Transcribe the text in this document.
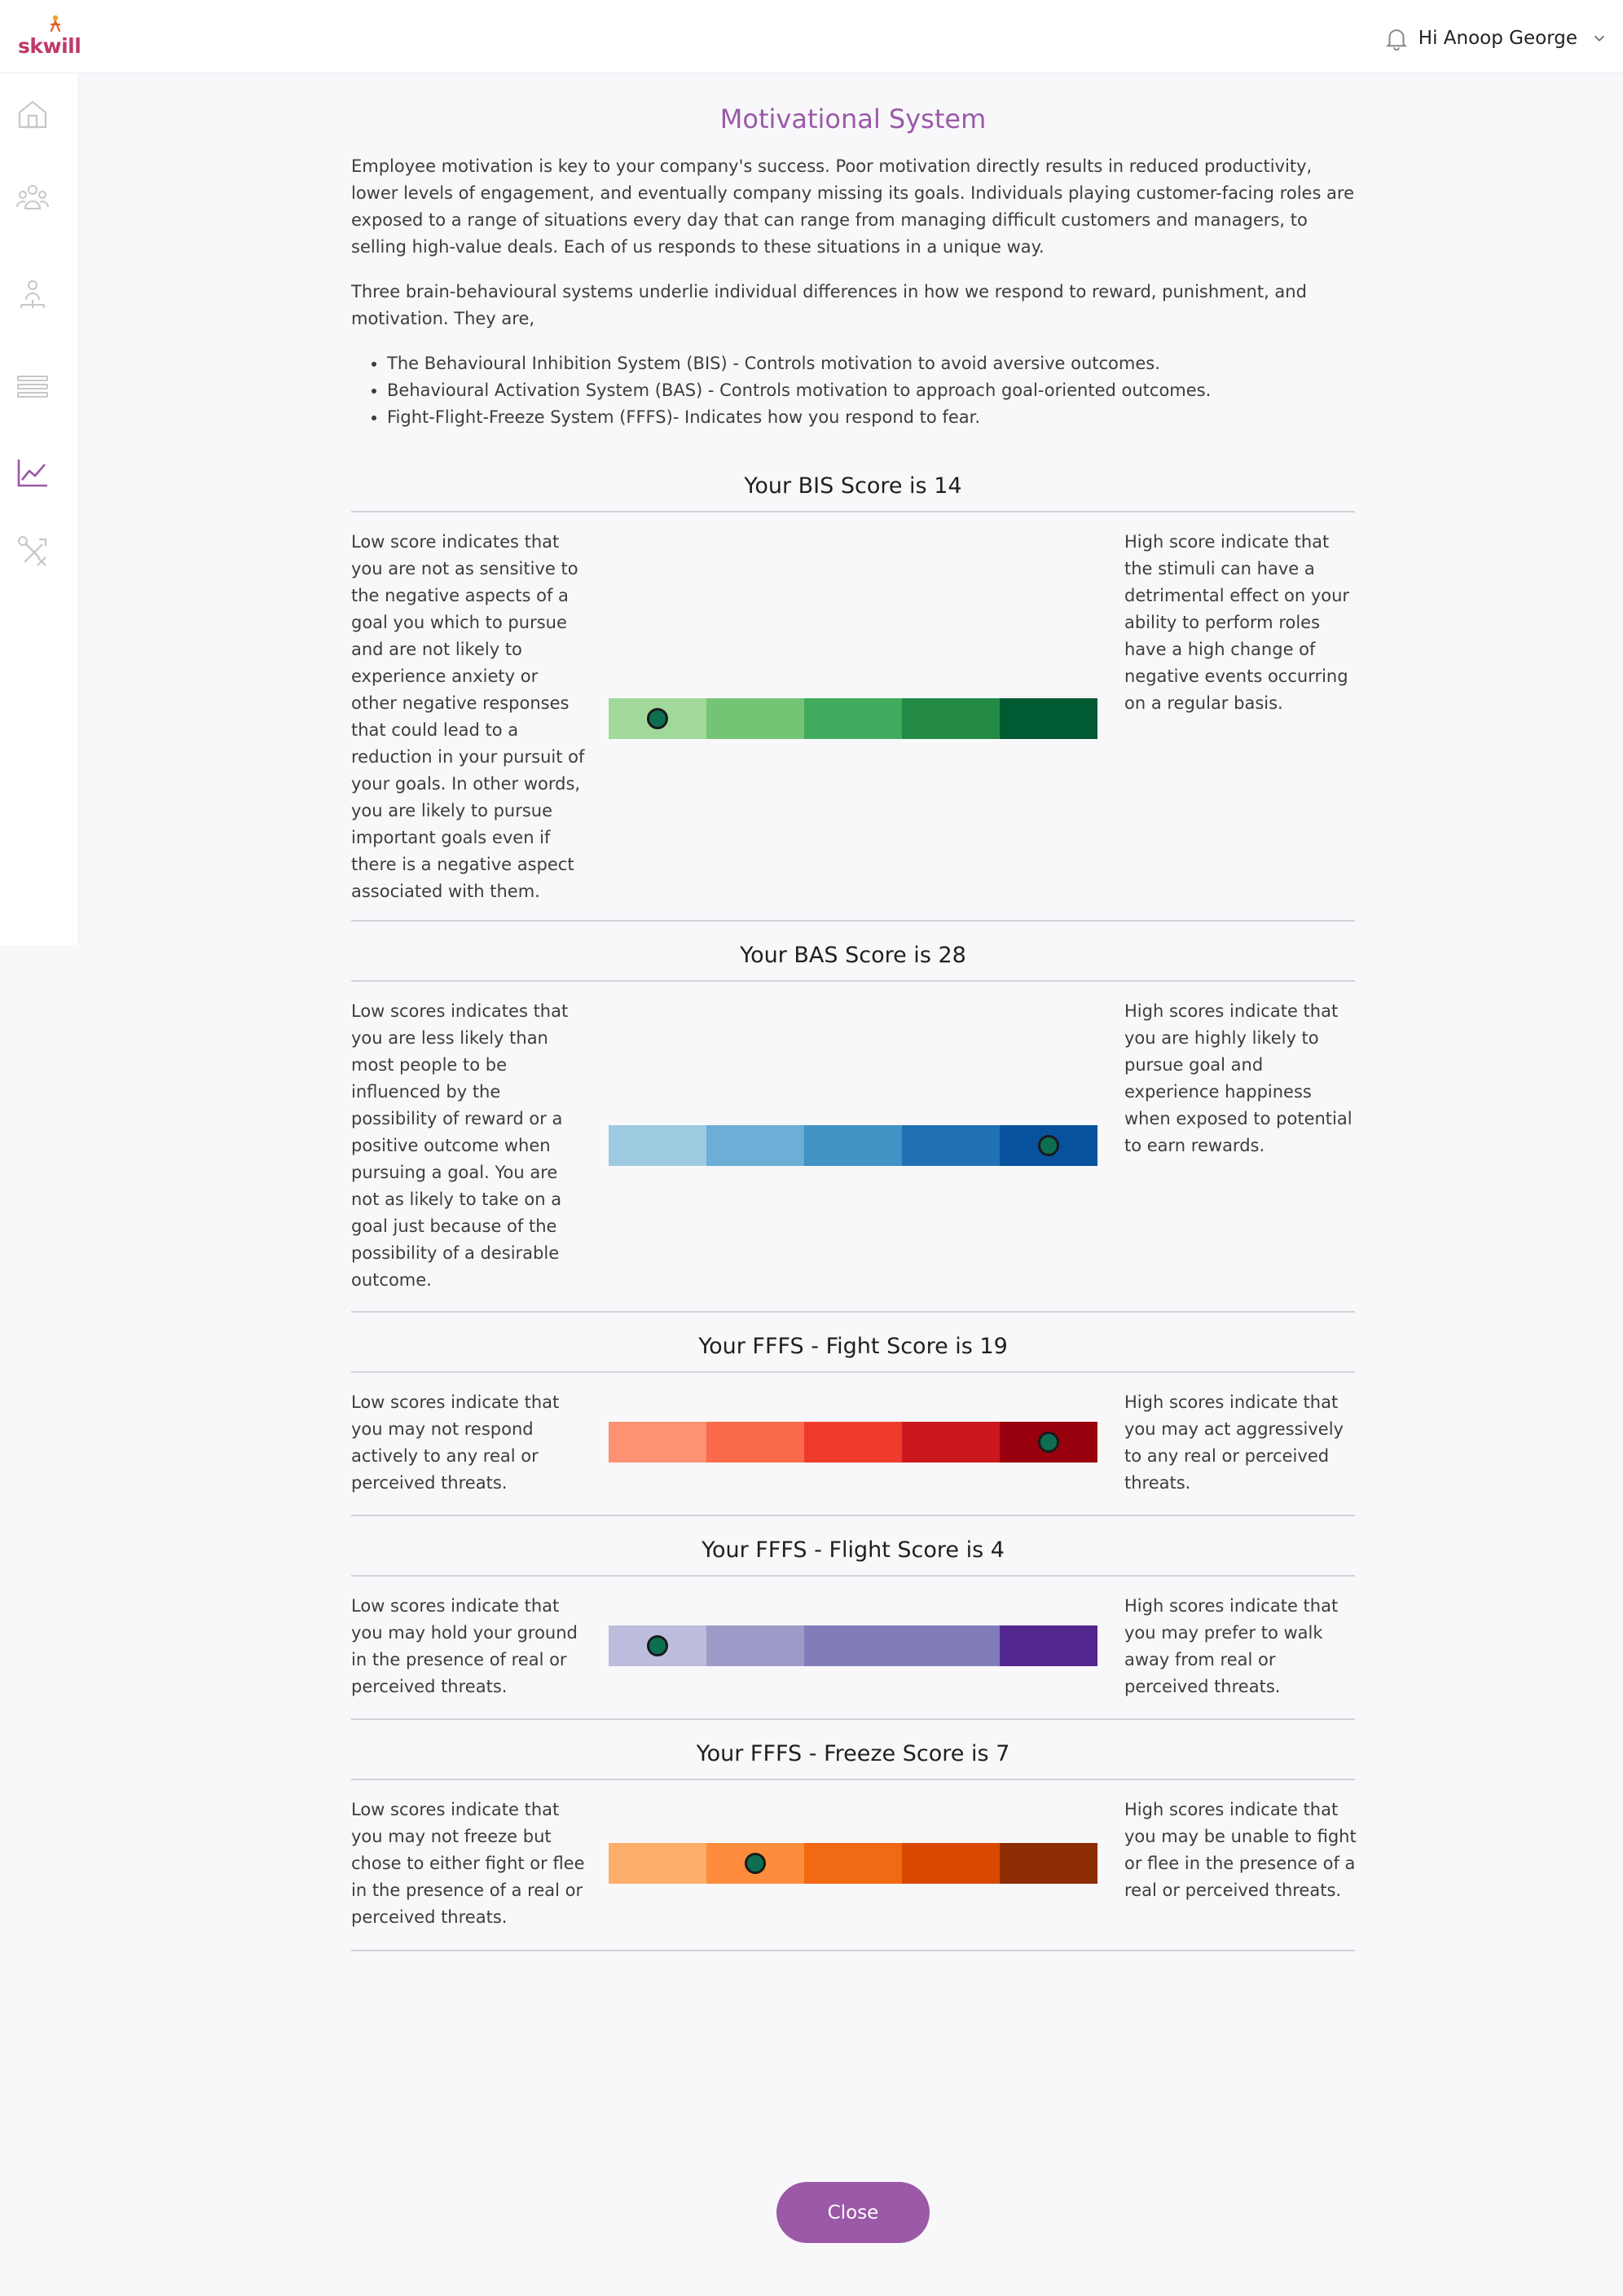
skwill	Hi Anoop George
Motivational System

Employee motivation is key to your company's success. Poor motivation directly results in reduced productivity, lower levels of engagement, and eventually company missing its goals. Individuals playing customer-facing roles are exposed to a range of situations every day that can range from managing difficult customers and managers, to selling high-value deals. Each of us responds to these situations in a unique way.

Three brain-behavioural systems underlie individual differences in how we respond to reward, punishment, and motivation. They are,

• The Behavioural Inhibition System (BIS) - Controls motivation to avoid aversive outcomes.
• Behavioural Activation System (BAS) - Controls motivation to approach goal-oriented outcomes.
• Fight-Flight-Freeze System (FFFS)- Indicates how you respond to fear.
Your BIS Score is 14
Low score indicates that you are not as sensitive to the negative aspects of a goal you which to pursue and are not likely to experience anxiety or other negative responses that could lead to a reduction in your pursuit of your goals. In other words, you are likely to pursue important goals even if there is a negative aspect associated with them.
High score indicate that the stimuli can have a detrimental effect on your ability to perform roles have a high change of negative events occurring on a regular basis.
Your BAS Score is 28
Low scores indicates that you are less likely than most people to be influenced by the possibility of reward or a positive outcome when pursuing a goal. You are not as likely to take on a goal just because of the possibility of a desirable outcome.
High scores indicate that you are highly likely to pursue goal and experience happiness when exposed to potential to earn rewards.
Your FFFS - Fight Score is 19
Low scores indicate that you may not respond actively to any real or perceived threats.
High scores indicate that you may act aggressively to any real or perceived threats.
Your FFFS - Flight Score is 4
Low scores indicate that you may hold your ground in the presence of real or perceived threats.
High scores indicate that you may prefer to walk away from real or perceived threats.
Your FFFS - Freeze Score is 7
Low scores indicate that you may not freeze but chose to either fight or flee in the presence of a real or perceived threats.
High scores indicate that you may be unable to fight or flee in the presence of a real or perceived threats.
Close
